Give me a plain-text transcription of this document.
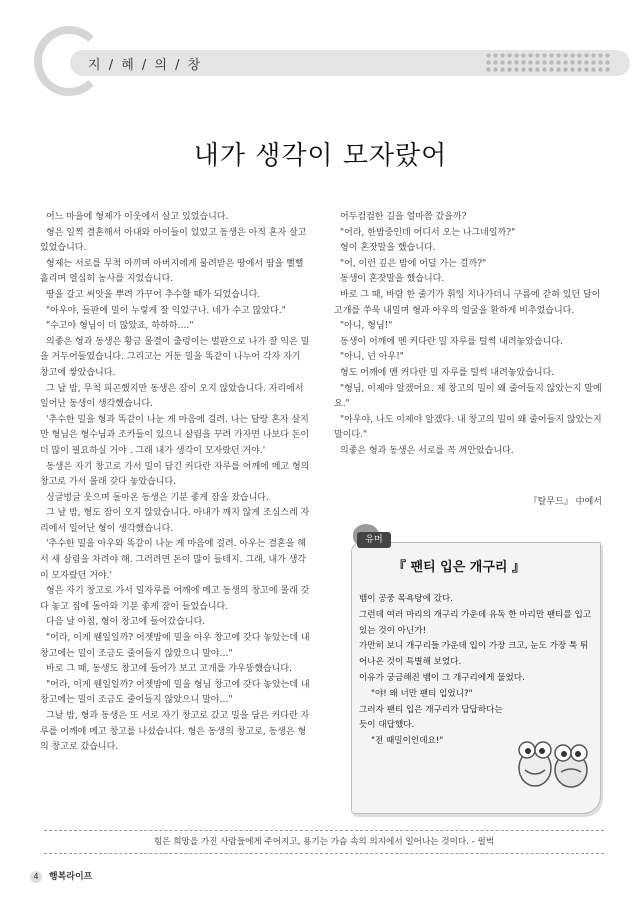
지 / 혜 / 의 / 창
내가 생각이 모자랐어

어느 마을에 형제가 이웃에서 살고 있었습니다.

형은 일찍 결혼해서 아내와 아이들이 있었고 동생은 아직 혼자 살고 있었습니다.

형제는 서로를 무척 아끼며 아버지에게 물려받은 땅에서 땀을 뻘뻘 흘리며 열심히 농사를 지었습니다.

땅을 갈고 씨앗을 뿌려 가꾸어 추수할 때가 되었습니다.

"아우야, 들판에 밀이 누렇게 잘 익었구나. 네가 수고 많았다."

"수고야 형님이 더 많았죠, 하하하…."

의좋은 형과 동생은 황금 물결이 출렁이는 벌판으로 나가 잘 익은 밀을 거두어들였습니다. 그리고는 거둔 밀을 똑같이 나누어 각자 자기 창고에 쌓았습니다.

그 날 밤, 무척 피곤했지만 동생은 잠이 오지 않았습니다. 자리에서 일어난 동생이 생각했습니다.

'추수한 밀을 형과 똑같이 나눈 게 마음에 걸려. 나는 달랑 혼자 살지만 형님은 형수님과 조카들이 있으니 살림을 꾸려 가자면 나보다 돈이 더 많이 필요하실 거야 . 그래 내가 생각이 모자랐던 거야.'

동생은 자기 창고로 가서 밀이 담긴 커다란 자루를 어깨에 메고 형의 창고로 가서 몰래 갖다 놓았습니다.

싱글벙글 웃으며 돌아온 동생은 기분 좋게 잠을 잤습니다.

그 날 밤, 형도 잠이 오지 않았습니다. 아내가 깨지 않게 조심스레 자리에서 일어난 형이 생각했습니다.

'추수한 밀을 아우와 똑같이 나눈 게 마음에 걸려. 아우는 결혼을 해서 새 살림을 차려야 해. 그러려면 돈이 많이 들테지. 그래, 내가 생각이 모자랐던 거야.'

형은 자기 창고로 가서 밀자루를 어깨에 메고 동생의 창고에 몰래 갖다 놓고 집에 돌아와 기분 좋게 잠이 들었습니다.

다음 날 아침, 형이 창고에 들어갔습니다.

"어라, 이게 웬일일까? 어젯밤에 밀을 아우 창고에 갖다 놓았는데 내 창고에는 밀이 조금도 줄어들지 않았으니 말야…"

바로 그 때, 동생도 창고에 들어가 보고 고개를 갸우뚱했습니다.

"어라, 이게 웬일일까? 어젯밤에 밀을 형님 창고에 갖다 놓았는데 내 창고에는 밀이 조금도 줄어들지 않았으니 말야…"

그날 밤, 형과 동생은 또 서로 자기 창고로 갔고 밀을 담은 커다란 자루를 어깨에 메고 창고를 나섰습니다. 형은 동생의 창고로, 동생은 형의 창고로 갔습니다.

어두컴컴한 길을 얼마쯤 갔을까?

"어라, 한밤중인데 어디서 오는 나그네일까?"

형이 혼잣말을 했습니다.

"어, 이런 깊은 밤에 어딜 가는 걸까?"

동생이 혼잣말을 했습니다.

바로 그 때, 바람 한 줄기가 휘잉 지나가더니 구름에 갇혀 있던 달이 고개를 쑤욱 내밀며 형과 아우의 얼굴을 환하게 비추었습니다.

"아니, 형님!"

동생이 어깨에 멘 커다란 밀 자루를 털썩 내려놓았습니다.

"아니, 넌 아우!"

형도 어깨에 멘 커다란 밀 자루를 털썩 내려놓았습니다.

"형님, 이제야 알겠어요. 제 창고의 밀이 왜 줄어들지 않았는지 말예요."

"아우야, 나도 이제야 알겠다. 내 창고의 밀이 왜 줄어들지 않았는지 말이다."

의좋은 형과 동생은 서로를 꼭 껴안았습니다.

『탈무드』 中에서
유머
『 팬티 입은 개구리 』

뱀이 공중 목욕탕에 갔다.

그런데 여러 마리의 개구리 가운데 유독 한 마리만 팬티를 입고 있는 것이 아닌가!

가만히 보니 개구리들 가운데 입이 가장 크고, 눈도 가장 툭 튀어나온 것이 특별해 보였다.

이유가 궁금해진 뱀이 그 개구리에게 물었다.

"야! 왜 너만 팬티 입었니?"

그러자 팬티 입은 개구리가 답답하다는 듯이 대답했다.

"전 때밀이인데요!"

힘은 희망을 가진 사람들에게 주어지고, 용기는 가슴 속의 의지에서 일어나는 것이다. - 펄벅
4 행복라이프
